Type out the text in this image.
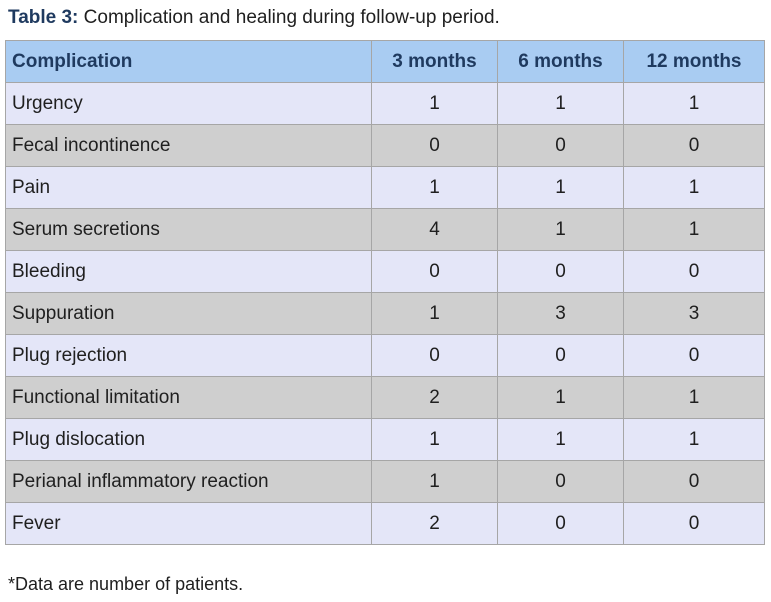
Table 3: Complication and healing during follow-up period.
Complication	3 months	6 months	12 months
Urgency	1	1	1
Fecal incontinence	0	0	0
Pain	1	1	1
Serum secretions	4	1	1
Bleeding	0	0	0
Suppuration	1	3	3
Plug rejection	0	0	0
Functional limitation	2	1	1
Plug dislocation	1	1	1
Perianal inflammatory reaction	1	0	0
Fever	2	0	0
*Data are number of patients.
